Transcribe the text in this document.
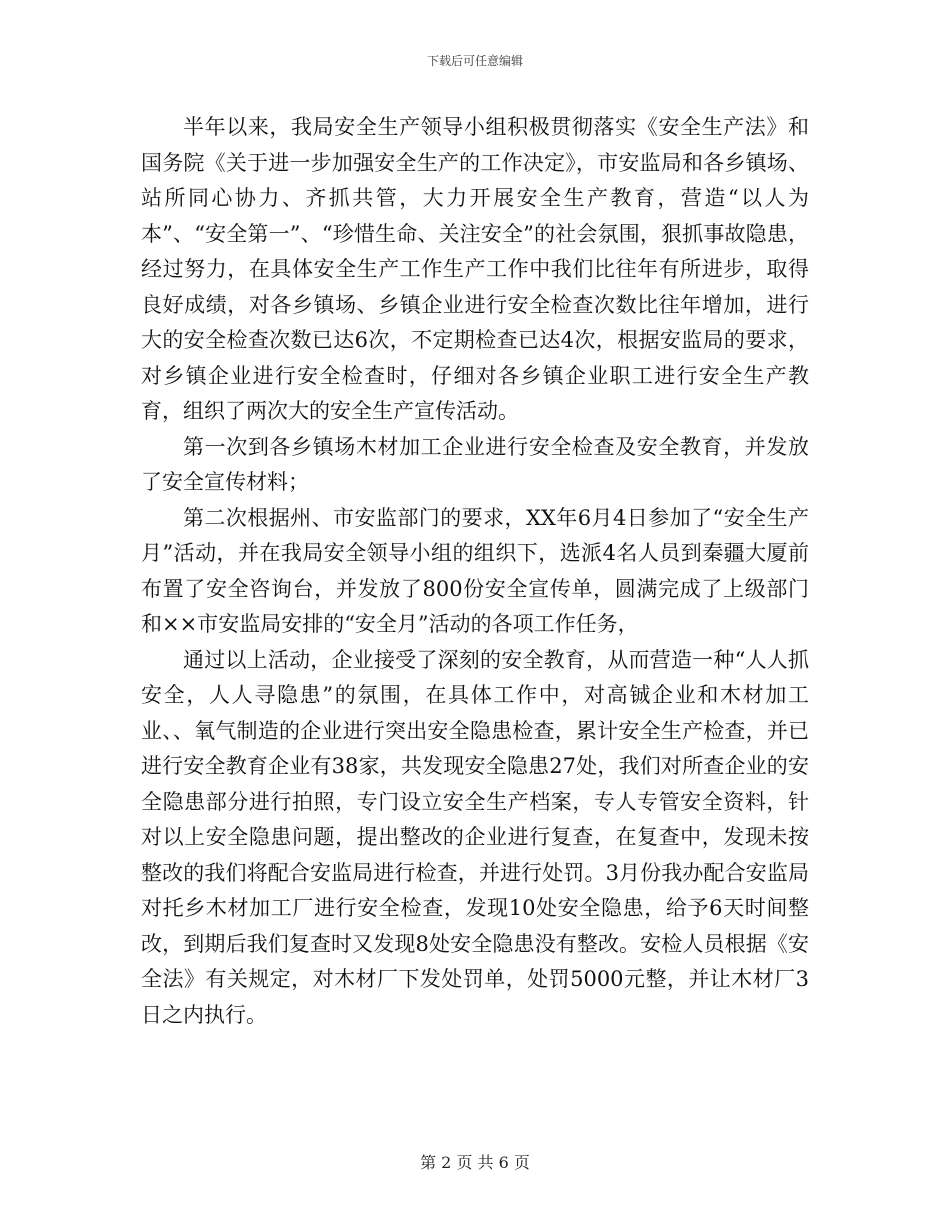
下载后可任意编辑

半年以来，我局安全生产领导小组积极贯彻落实《安全生产法》和国务院《关于进一步加强安全生产的工作决定》，市安监局和各乡镇场、站所同心协力、齐抓共管，大力开展安全生产教育，营造“以人为本”、“安全第一”、“珍惜生命、关注安全”的社会氛围，狠抓事故隐患，经过努力，在具体安全生产工作生产工作中我们比往年有所进步，取得良好成绩，对各乡镇场、乡镇企业进行安全检查次数比往年增加，进行大的安全检查次数已达6次，不定期检查已达4次，根据安监局的要求，对乡镇企业进行安全检查时，仔细对各乡镇企业职工进行安全生产教育，组织了两次大的安全生产宣传活动。

第一次到各乡镇场木材加工企业进行安全检查及安全教育，并发放了安全宣传材料；

第二次根据州、市安监部门的要求，XX年6月4日参加了“安全生产月”活动，并在我局安全领导小组的组织下，选派4名人员到秦疆大厦前布置了安全咨询台，并发放了800份安全宣传单，圆满完成了上级部门和××市安监局安排的“安全月”活动的各项工作任务，

通过以上活动，企业接受了深刻的安全教育，从而营造一种“人人抓安全，人人寻隐患”的氛围，在具体工作中，对高铖企业和木材加工业、、氧气制造的企业进行突出安全隐患检查，累计安全生产检查，并已进行安全教育企业有38家，共发现安全隐患27处，我们对所查企业的安全隐患部分进行拍照，专门设立安全生产档案，专人专管安全资料，针对以上安全隐患问题，提出整改的企业进行复查，在复查中，发现未按整改的我们将配合安监局进行检查，并进行处罚。3月份我办配合安监局对托乡木材加工厂进行安全检查，发现10处安全隐患，给予6天时间整改，到期后我们复查时又发现8处安全隐患没有整改。安检人员根据《安全法》有关规定，对木材厂下发处罚单，处罚5000元整，并让木材厂3日之内执行。

第 2 页 共 6 页
